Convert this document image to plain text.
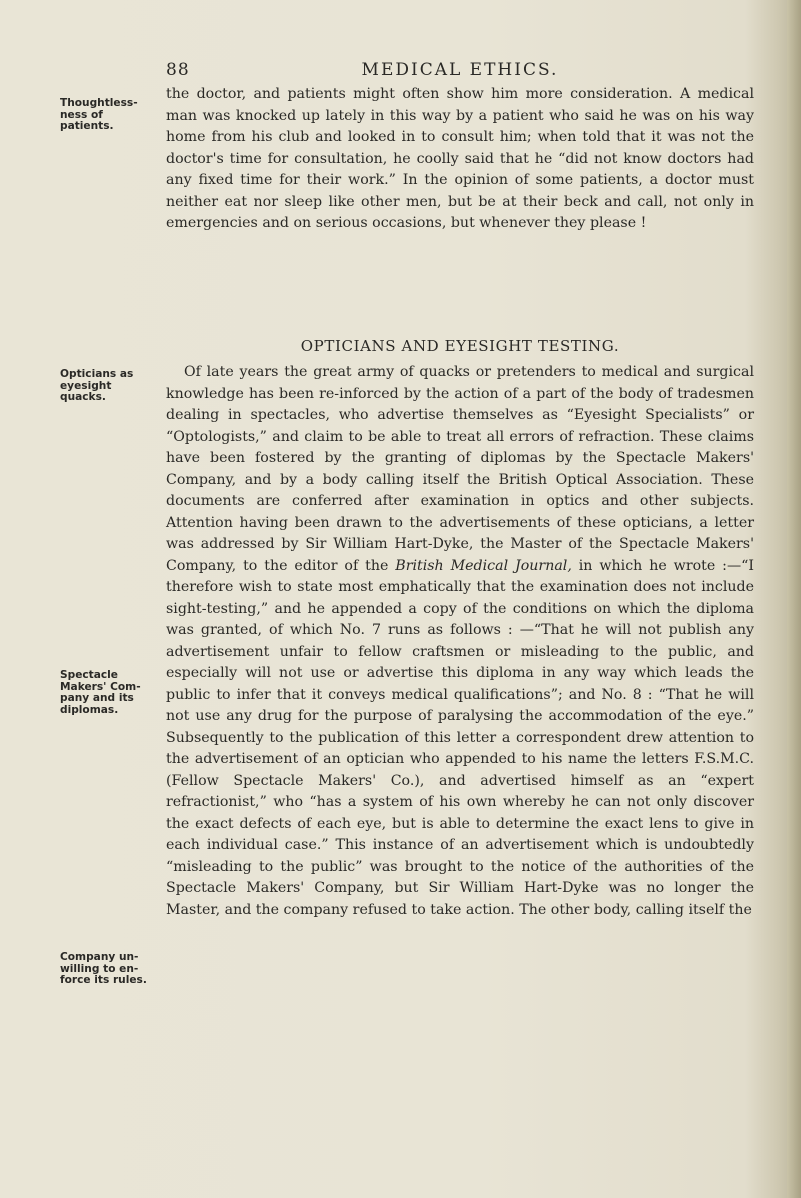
88	MEDICAL ETHICS.
Thoughtless-
ness of
patients.
Opticians as
eyesight
quacks.
Spectacle
Makers' Com-
pany and its
diplomas.
Company un-
willing to en-
force its rules.

the doctor, and patients might often show him more consideration. A medical man was knocked up lately in this way by a patient who said he was on his way home from his club and looked in to consult him; when told that it was not the doctor's time for consultation, he coolly said that he “did not know doctors had any fixed time for their work.” In the opinion of some patients, a doctor must neither eat nor sleep like other men, but be at their beck and call, not only in emergencies and on serious occasions, but whenever they please !

OPTICIANS AND EYESIGHT TESTING.

Of late years the great army of quacks or pretenders to medical and surgical knowledge has been re-inforced by the action of a part of the body of tradesmen dealing in spectacles, who advertise themselves as “Eyesight Specialists” or “Optologists,” and claim to be able to treat all errors of refraction. These claims have been fostered by the granting of diplomas by the Spectacle Makers' Company, and by a body calling itself the British Optical Association. These documents are conferred after examination in optics and other subjects. Attention having been drawn to the advertisements of these opticians, a letter was addressed by Sir William Hart-Dyke, the Master of the Spectacle Makers' Company, to the editor of the British Medical Journal, in which he wrote :—“I therefore wish to state most emphatically that the examination does not include sight-testing,” and he appended a copy of the conditions on which the diploma was granted, of which No. 7 runs as follows : —“That he will not publish any advertisement unfair to fellow craftsmen or misleading to the public, and especially will not use or advertise this diploma in any way which leads the public to infer that it conveys medical qualifications”; and No. 8 : “That he will not use any drug for the purpose of paralysing the accommodation of the eye.” Subsequently to the publication of this letter a correspondent drew attention to the advertisement of an optician who appended to his name the letters F.S.M.C. (Fellow Spectacle Makers' Co.), and advertised himself as an “expert refractionist,” who “has a system of his own whereby he can not only discover the exact defects of each eye, but is able to determine the exact lens to give in each individual case.” This instance of an advertisement which is undoubtedly “misleading to the public” was brought to the notice of the authorities of the Spectacle Makers' Company, but Sir William Hart-Dyke was no longer the Master, and the company refused to take action. The other body, calling itself the
